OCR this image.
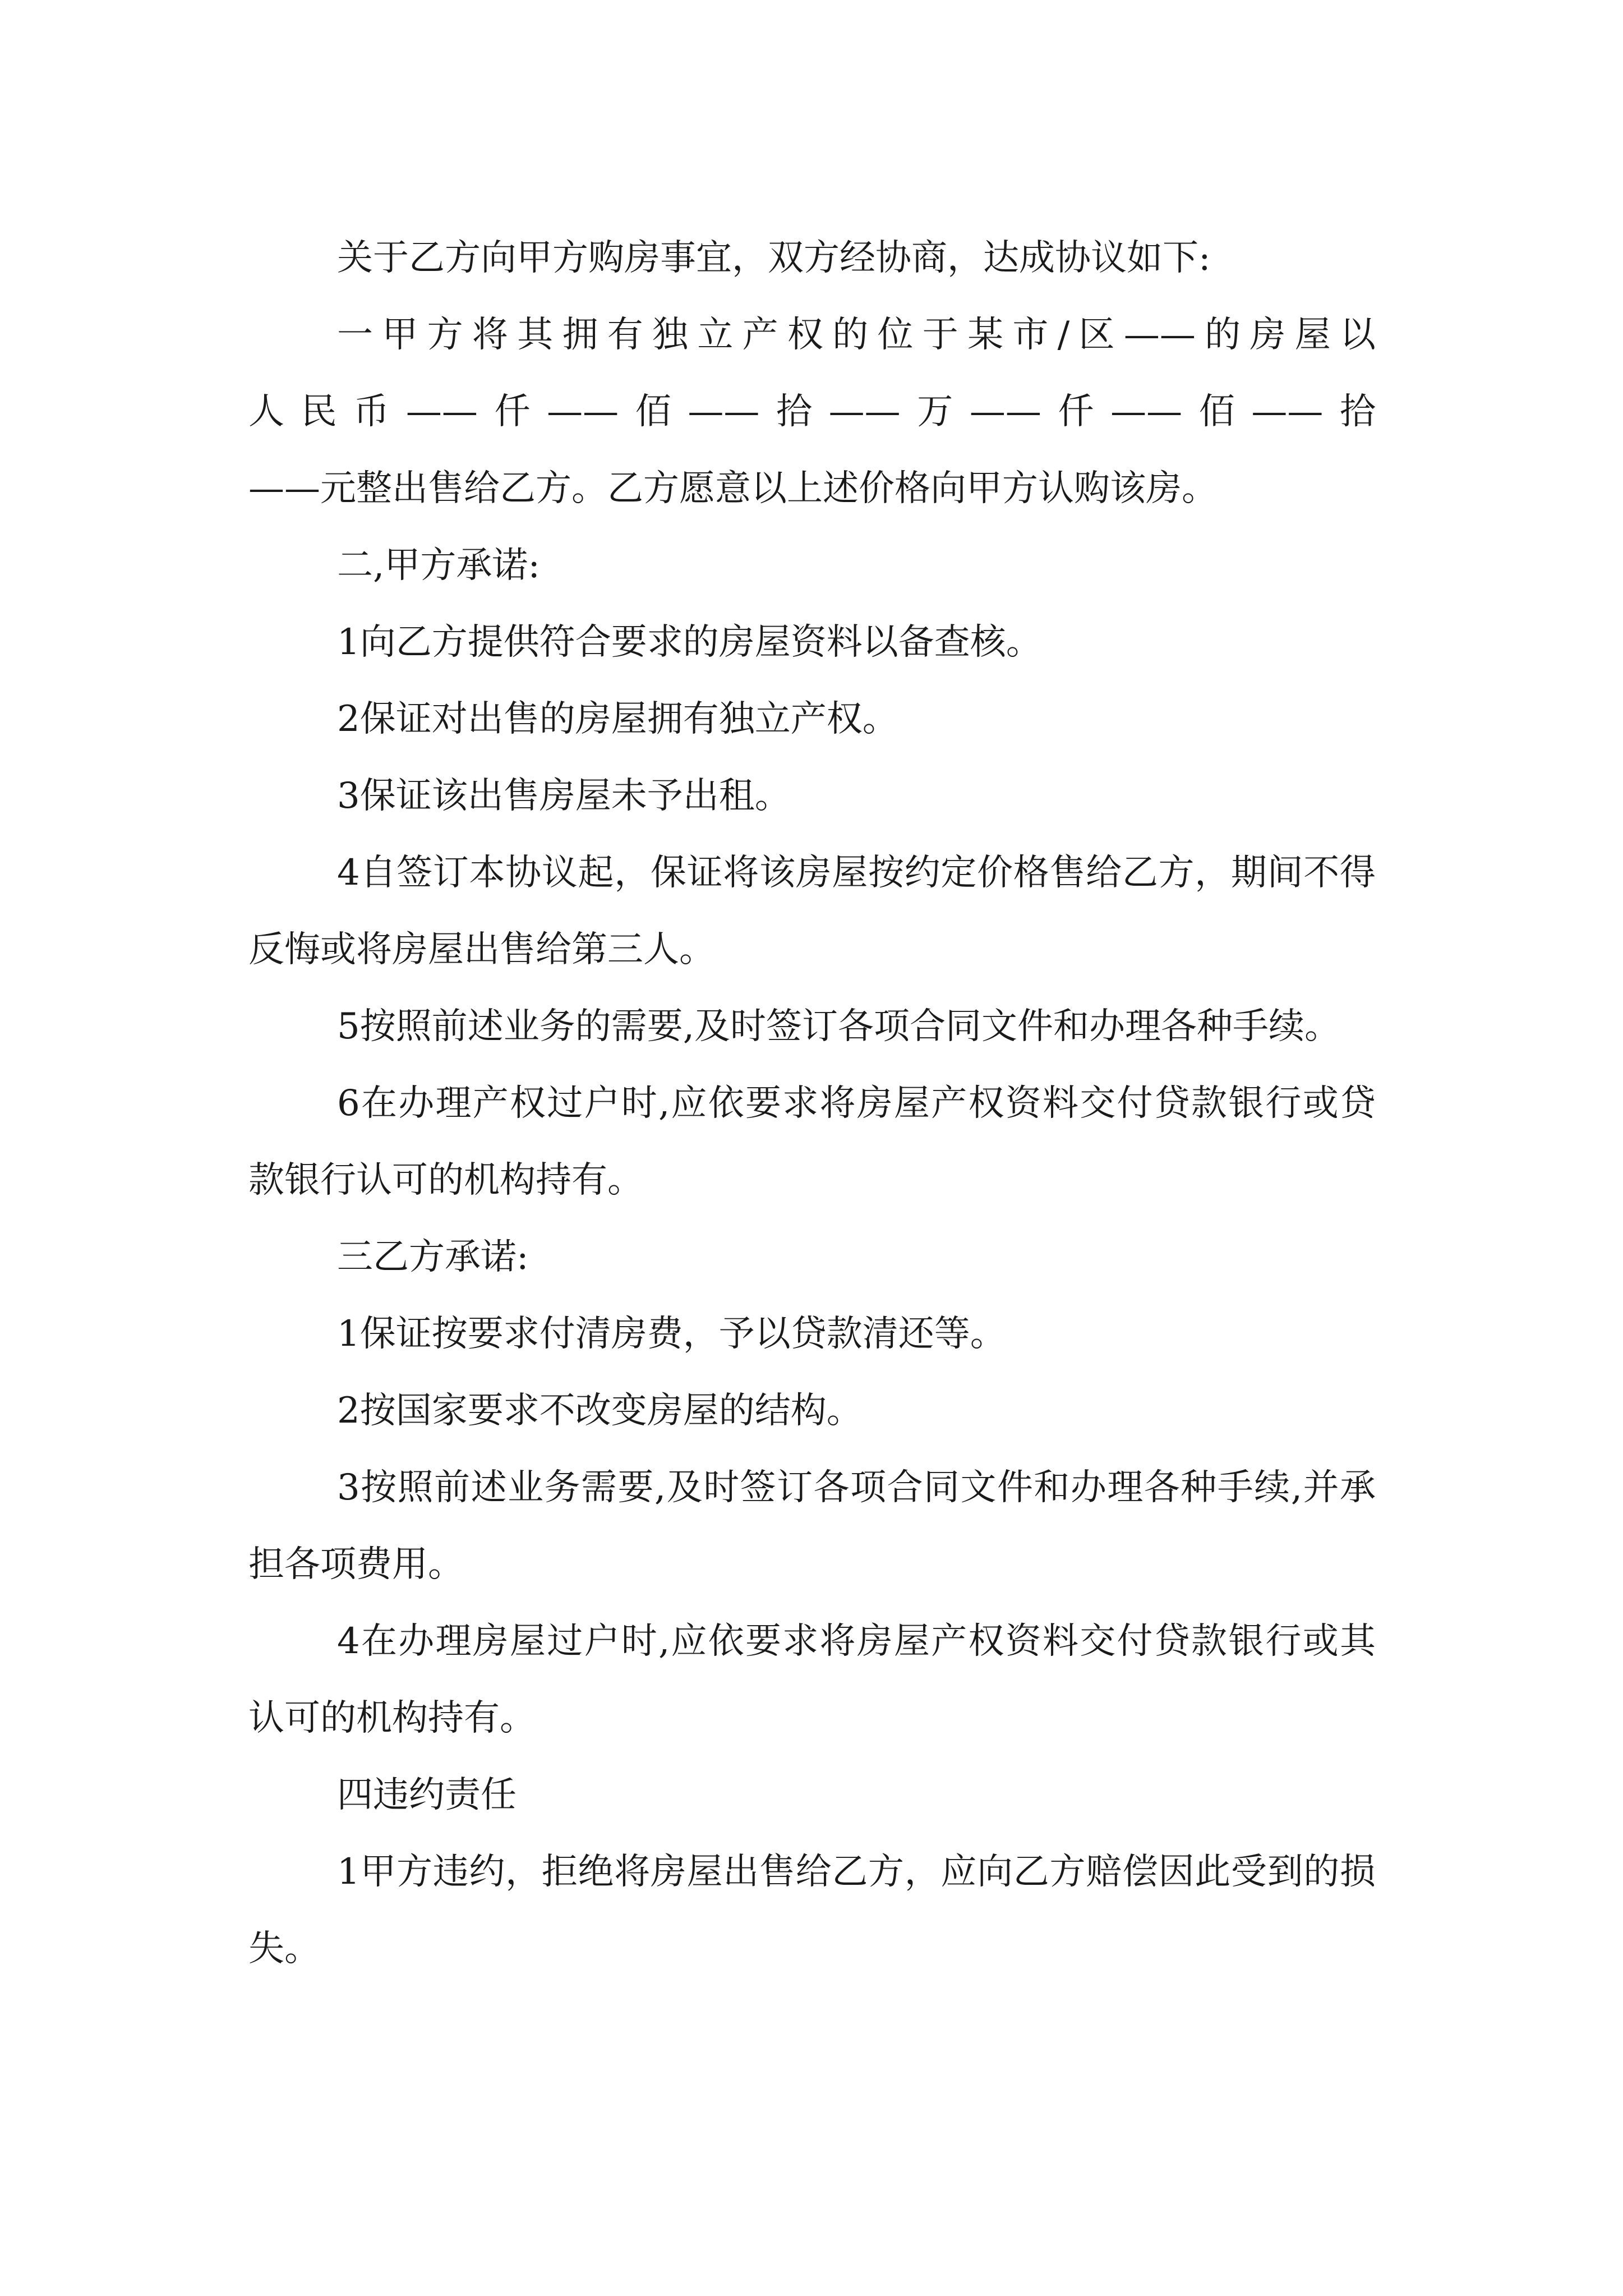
关于乙方向甲方购房事宜，双方经协商，达成协议如下:

一甲方将其拥有独立产权的位于某市/区——的房屋以

人民币——仟——佰——拾——万——仟——佰——拾

——元整出售给乙方。乙方愿意以上述价格向甲方认购该房。

二,甲方承诺:

1向乙方提供符合要求的房屋资料以备查核。

2保证对出售的房屋拥有独立产权。

3保证该出售房屋未予出租。

4自签订本协议起，保证将该房屋按约定价格售给乙方，期间不得反悔或将房屋出售给第三人。

5按照前述业务的需要,及时签订各项合同文件和办理各种手续。

6在办理产权过户时,应依要求将房屋产权资料交付贷款银行或贷款银行认可的机构持有。

三乙方承诺:

1保证按要求付清房费，予以贷款清还等。

2按国家要求不改变房屋的结构。

3按照前述业务需要,及时签订各项合同文件和办理各种手续,并承担各项费用。

4在办理房屋过户时,应依要求将房屋产权资料交付贷款银行或其认可的机构持有。

四违约责任

1甲方违约，拒绝将房屋出售给乙方，应向乙方赔偿因此受到的损失。
